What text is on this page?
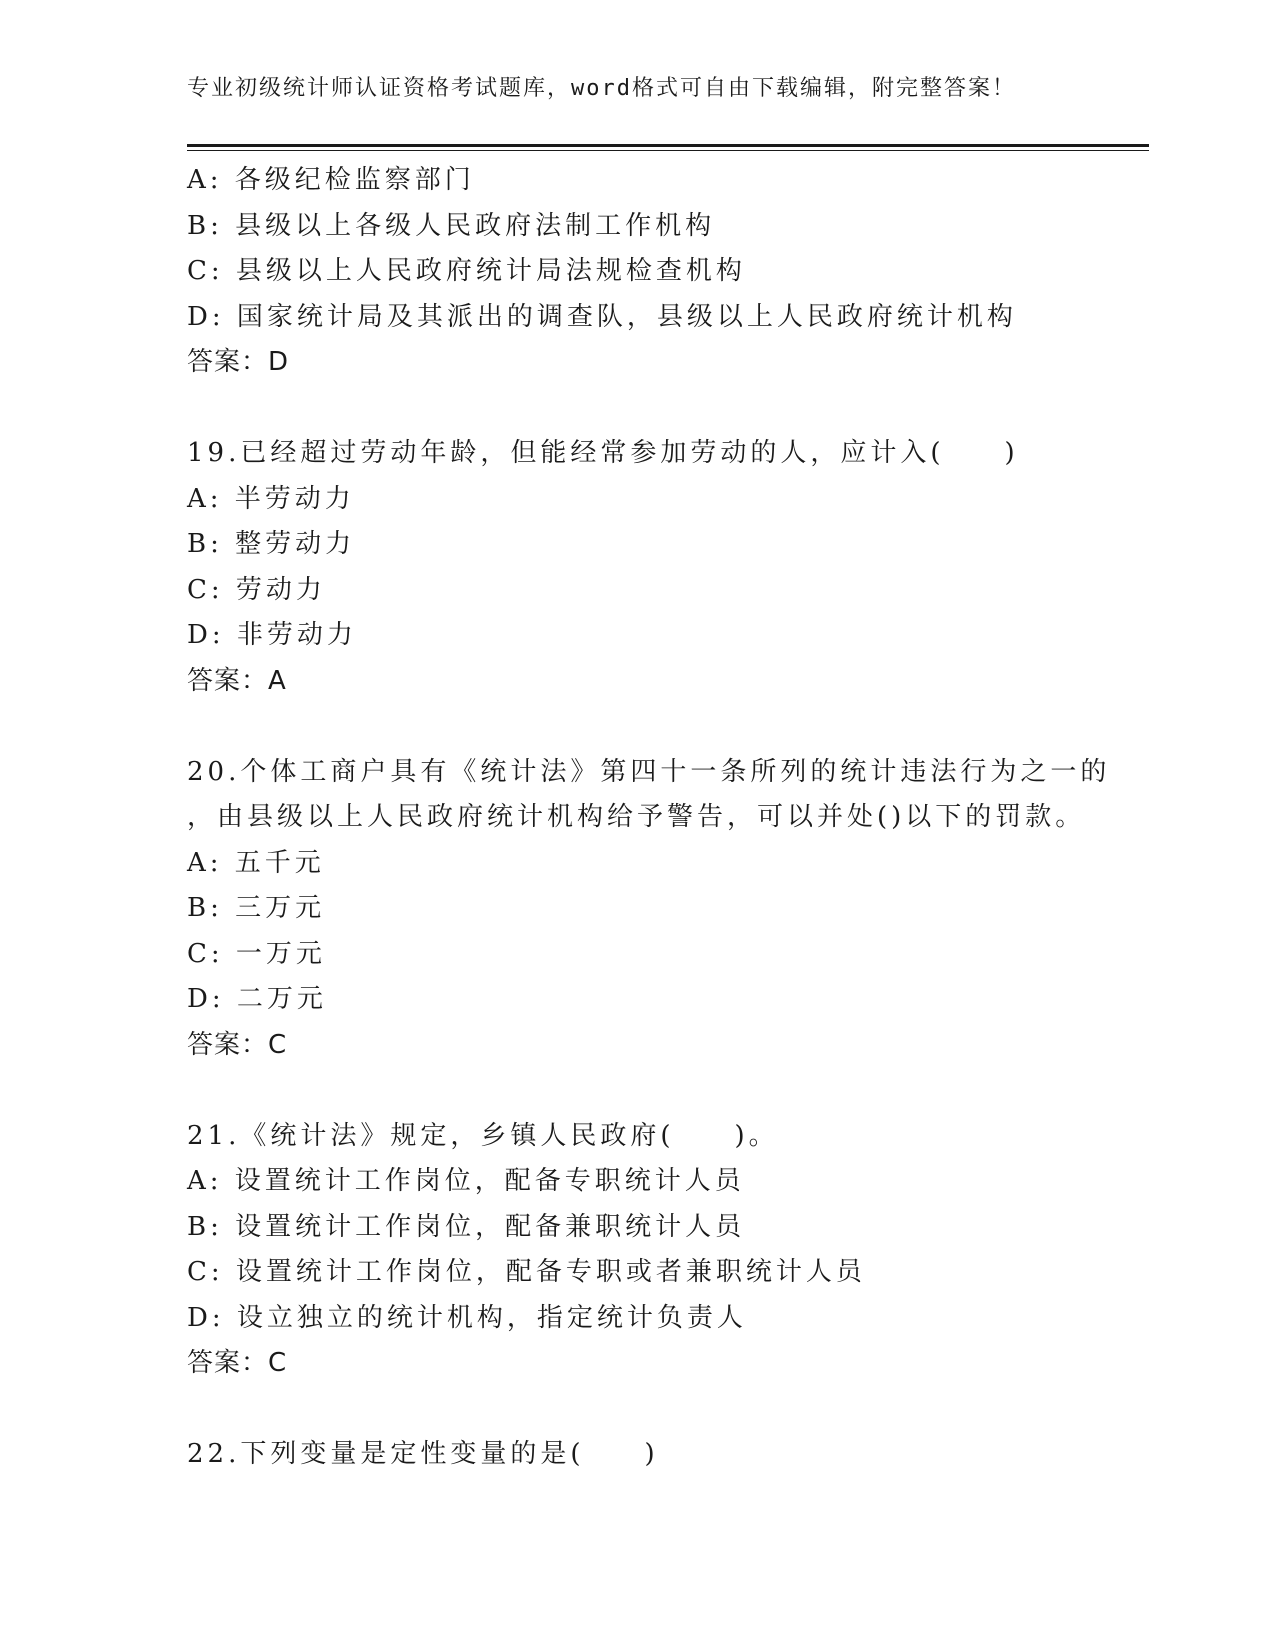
专业初级统计师认证资格考试题库，word格式可自由下载编辑，附完整答案！
A: 各级纪检监察部门
B: 县级以上各级人民政府法制工作机构
C: 县级以上人民政府统计局法规检查机构
D: 国家统计局及其派出的调查队，县级以上人民政府统计机构
答案：D
19.已经超过劳动年龄，但能经常参加劳动的人，应计入(　　)
A: 半劳动力
B: 整劳动力
C: 劳动力
D: 非劳动力
答案：A
20.个体工商户具有《统计法》第四十一条所列的统计违法行为之一的
，由县级以上人民政府统计机构给予警告，可以并处()以下的罚款。
A: 五千元
B: 三万元
C: 一万元
D: 二万元
答案：C
21.《统计法》规定，乡镇人民政府(　　)。
A: 设置统计工作岗位，配备专职统计人员
B: 设置统计工作岗位，配备兼职统计人员
C: 设置统计工作岗位，配备专职或者兼职统计人员
D: 设立独立的统计机构，指定统计负责人
答案：C
22.下列变量是定性变量的是(　　)
